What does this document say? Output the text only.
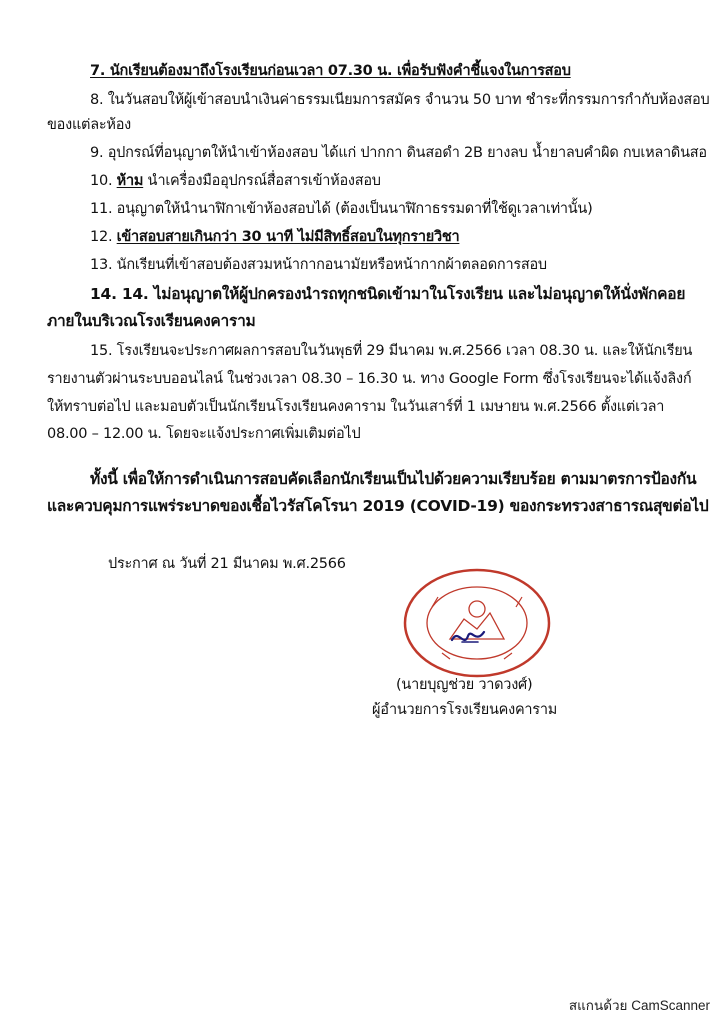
7. นักเรียนต้องมาถึงโรงเรียนก่อนเวลา 07.30 น. เพื่อรับฟังคำชี้แจงในการสอบ
8. ในวันสอบให้ผู้เข้าสอบนำเงินค่าธรรมเนียมการสมัคร จำนวน 50 บาท ชำระที่กรรมการกำกับห้องสอบ
ของแต่ละห้อง
9. อุปกรณ์ที่อนุญาตให้นำเข้าห้องสอบ ได้แก่ ปากกา ดินสอดำ 2B ยางลบ น้ำยาลบคำผิด กบเหลาดินสอ
10. ห้าม นำเครื่องมืออุปกรณ์สื่อสารเข้าห้องสอบ
11. อนุญาตให้นำนาฬิกาเข้าห้องสอบได้ (ต้องเป็นนาฬิกาธรรมดาที่ใช้ดูเวลาเท่านั้น)
12. เข้าสอบสายเกินกว่า 30 นาที ไม่มีสิทธิ์สอบในทุกรายวิชา
13. นักเรียนที่เข้าสอบต้องสวมหน้ากากอนามัยหรือหน้ากากผ้าตลอดการสอบ
14. 14. ไม่อนุญาตให้ผู้ปกครองนำรถทุกชนิดเข้ามาในโรงเรียน และไม่อนุญาตให้นั่งพักคอย
ภายในบริเวณโรงเรียนคงคาราม
15. โรงเรียนจะประกาศผลการสอบในวันพุธที่ 29 มีนาคม พ.ศ.2566 เวลา 08.30 น. และให้นักเรียน
รายงานตัวผ่านระบบออนไลน์ ในช่วงเวลา 08.30 – 16.30 น. ทาง Google Form ซึ่งโรงเรียนจะได้แจ้งลิงก์
ให้ทราบต่อไป และมอบตัวเป็นนักเรียนโรงเรียนคงคาราม ในวันเสาร์ที่ 1 เมษายน พ.ศ.2566 ตั้งแต่เวลา
08.00 – 12.00 น. โดยจะแจ้งประกาศเพิ่มเติมต่อไป
ทั้งนี้ เพื่อให้การดำเนินการสอบคัดเลือกนักเรียนเป็นไปด้วยความเรียบร้อย ตามมาตรการป้องกัน
และควบคุมการแพร่ระบาดของเชื้อไวรัสโคโรนา 2019 (COVID-19) ของกระทรวงสาธารณสุขต่อไป
ประกาศ ณ วันที่ 21 มีนาคม พ.ศ.2566
(นายบุญช่วย วาดวงศ์)
ผู้อำนวยการโรงเรียนคงคาราม
สแกนด้วย CamScanner
